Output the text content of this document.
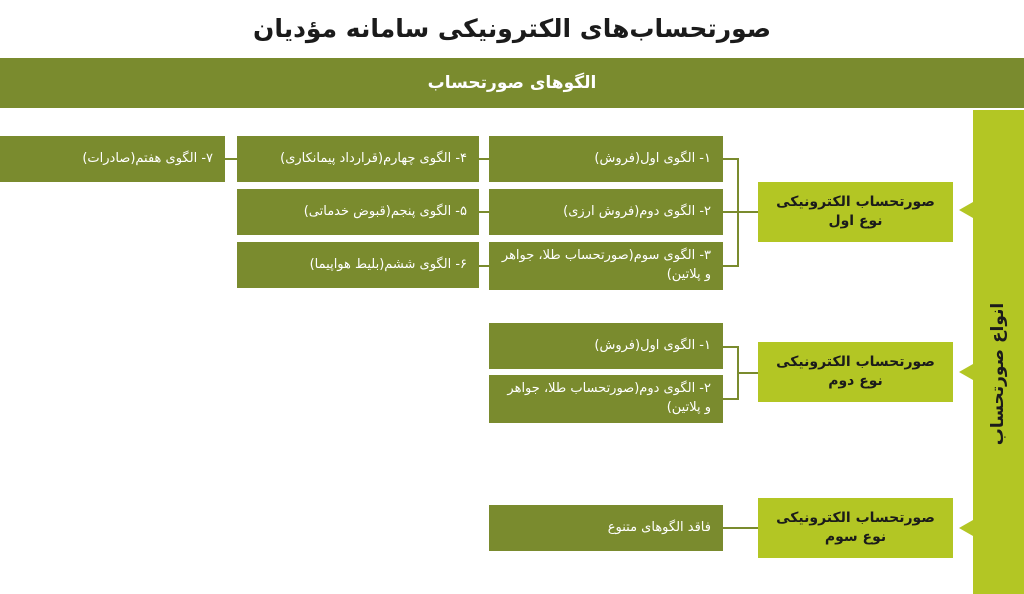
صورتحساب‌های الکترونیکی سامانه مؤدیان
الگوهای صورتحساب
انواع صورتحساب
صورتحساب الکترونیکی نوع اول
صورتحساب الکترونیکی نوع دوم
صورتحساب الکترونیکی نوع سوم
۱- الگوی اول(فروش)
۲- الگوی دوم(فروش ارزی)
۳- الگوی سوم(صورتحساب طلا، جواهر و پلاتین)
۴- الگوی چهارم(قرارداد پیمانکاری)
۵- الگوی پنجم(قبوض خدماتی)
۶- الگوی ششم(بلیط هواپیما)
۷- الگوی هفتم(صادرات)
۱- الگوی اول(فروش)
۲- الگوی دوم(صورتحساب طلا، جواهر و پلاتین)
فاقد الگوهای متنوع
